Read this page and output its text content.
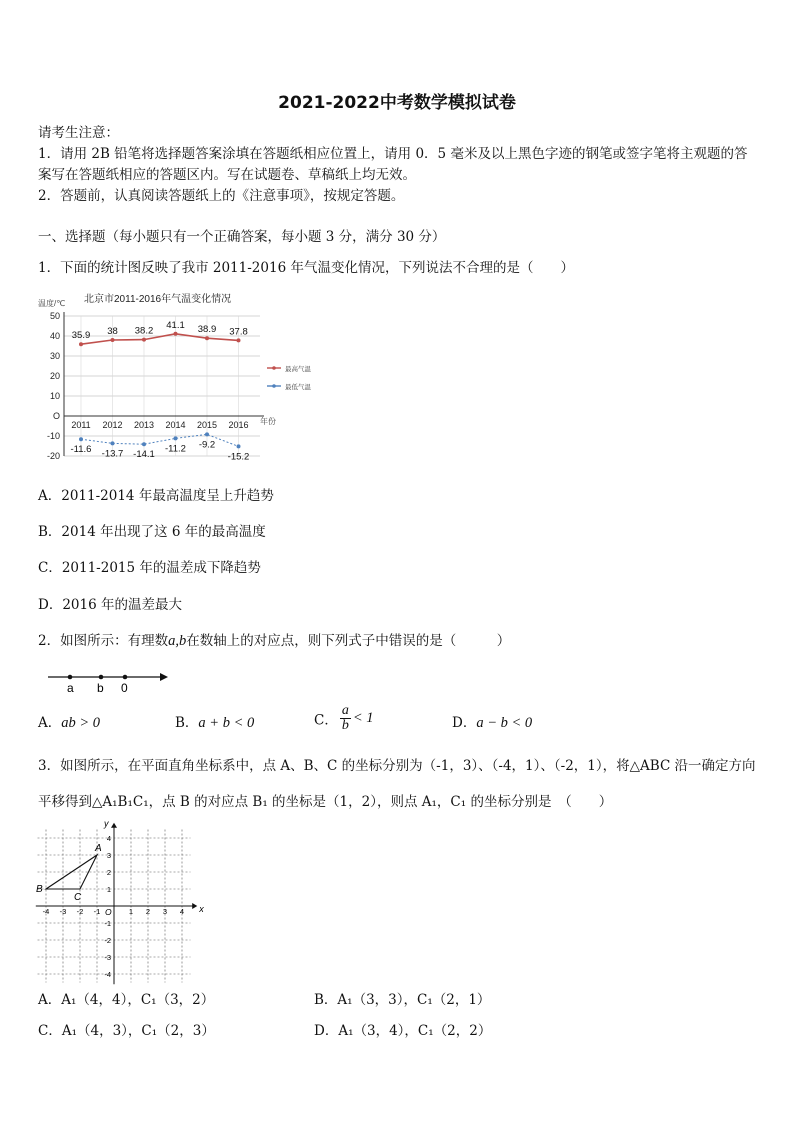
2021-2022中考数学模拟试卷
请考生注意：
1．请用 2B 铅笔将选择题答案涂填在答题纸相应位置上，请用 0．5 毫米及以上黑色字迹的钢笔或签字笔将主观题的答
案写在答题纸相应的答题区内。写在试题卷、草稿纸上均无效。
2．答题前，认真阅读答题纸上的《注意事项》，按规定答题。
一、选择题（每小题只有一个正确答案，每小题 3 分，满分 30 分）
1．下面的统计图反映了我市 2011-2016 年气温变化情况，下列说法不合理的是（　　）
温度/℃ 北京市2011-2016年气温变化情况
-20
-10
O
10
20
30
40
50
2011 2012 2013 2014 2015 2016
35.9 38 38.2
41.1 38.9 37.8
-11.6 -13.7 -14.1
-11.2 -9.2
-15.2
最高气温
最低气温
年份
A．2011-2014 年最高温度呈上升趋势
B．2014 年出现了这 6 年的最高温度
C．2011-2015 年的温差成下降趋势
D．2016 年的温差最大
2．如图所示：有理数a,b在数轴上的对应点，则下列式子中错误的是（　　　）
a b 0
A．ab > 0	B．a + b < 0	C． $\frac{a}{b} < 1$	D．a − b < 0
3．如图所示，在平面直角坐标系中，点 A、B、C 的坐标分别为（-1，3）、（-4，1）、（-2，1），将△ABC 沿一确定方向
平移得到△A₁B₁C₁，点 B 的对应点 B₁ 的坐标是（1，2），则点 A₁，C₁ 的坐标分别是　（　　）
x
y
O
-4 -3 -2 -1	1 2 3 4
-4
-3
-2
-1
1
2
3
4
A
B
C
A．A₁（4，4），C₁（3，2）	B．A₁（3，3），C₁（2，1）
C．A₁（4，3），C₁（2，3）	D．A₁（3，4），C₁（2，2）
